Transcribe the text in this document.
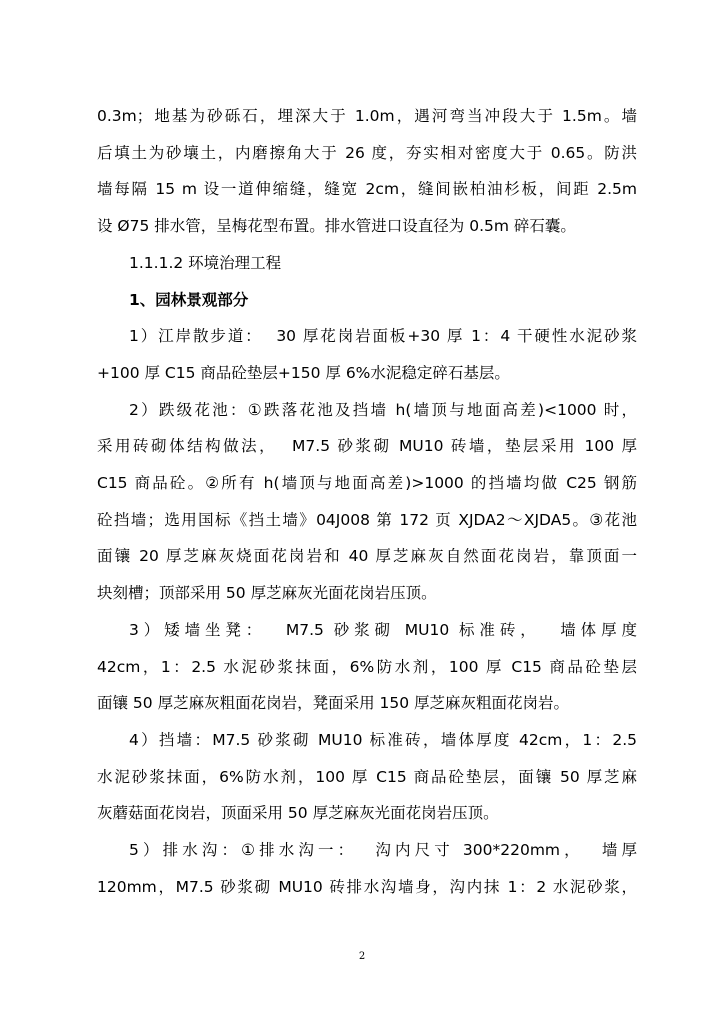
0.3m；地基为砂砾石，埋深大于 1.0m，遇河弯当冲段大于 1.5m。墙

后填土为砂壤土，内磨擦角大于 26 度，夯实相对密度大于 0.65。防洪

墙每隔 15 m 设一道伸缩缝，缝宽 2cm，缝间嵌柏油杉板，间距 2.5m

设 Ø75 排水管，呈梅花型布置。排水管进口设直径为 0.5m 碎石囊。

1.1.1.2 环境治理工程

1、园林景观部分

1）江岸散步道：  30 厚花岗岩面板+30 厚 1：4 干硬性水泥砂浆

+100 厚 C15 商品砼垫层+150 厚 6%水泥稳定碎石基层。

2）跌级花池：①跌落花池及挡墙 h(墙顶与地面高差)<1000 时，

采用砖砌体结构做法，  M7.5 砂浆砌 MU10 砖墙，垫层采用 100 厚

C15 商品砼。②所有 h(墙顶与地面高差)>1000 的挡墙均做 C25 钢筋

砼挡墙；选用国标《挡土墙》04J008 第 172 页 XJDA2～XJDA5。③花池

面镶 20 厚芝麻灰烧面花岗岩和 40 厚芝麻灰自然面花岗岩，靠顶面一

块刻槽；顶部采用 50 厚芝麻灰光面花岗岩压顶。

3）矮墙坐凳：  M7.5 砂浆砌 MU10 标准砖，  墙体厚度

42cm，1：2.5 水泥砂浆抹面，6%防水剂，100 厚 C15 商品砼垫层

面镶 50 厚芝麻灰粗面花岗岩，凳面采用 150 厚芝麻灰粗面花岗岩。

4）挡墙：M7.5 砂浆砌 MU10 标准砖，墙体厚度 42cm，1：2.5

水泥砂浆抹面，6%防水剂，100 厚 C15 商品砼垫层，面镶 50 厚芝麻

灰蘑菇面花岗岩，顶面采用 50 厚芝麻灰光面花岗岩压顶。

5）排水沟：①排水沟一：  沟内尺寸 300*220mm，  墙厚

120mm，M7.5 砂浆砌 MU10 砖排水沟墙身，沟内抹 1：2 水泥砂浆，

2
